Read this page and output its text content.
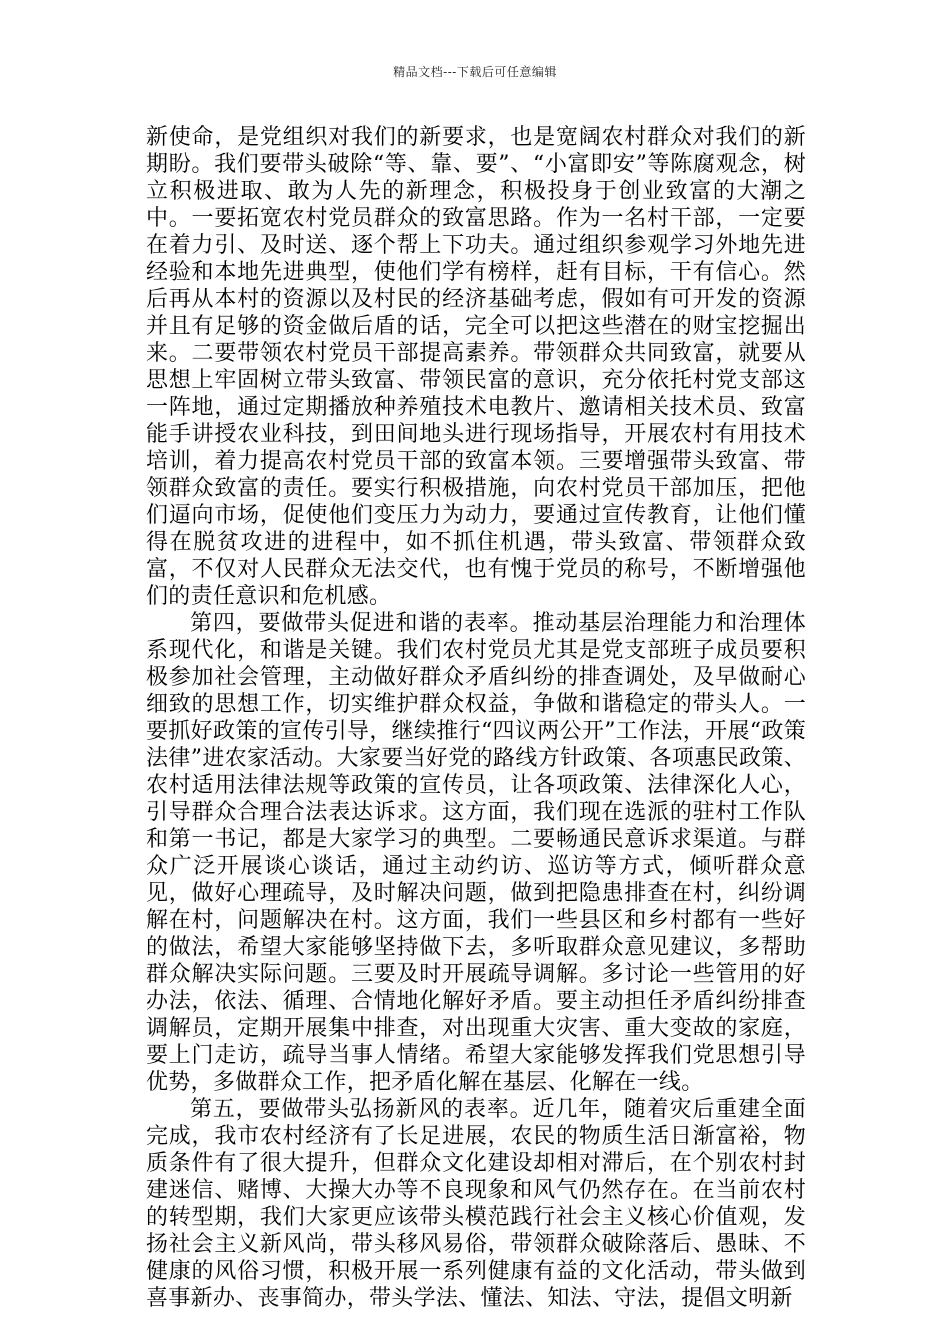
精品文档---下载后可任意编辑

新使命，是党组织对我们的新要求，也是宽阔农村群众对我们的新期盼。我们要带头破除“等、靠、要”、“小富即安”等陈腐观念，树立积极进取、敢为人先的新理念，积极投身于创业致富的大潮之中。一要拓宽农村党员群众的致富思路。作为一名村干部，一定要在着力引、及时送、逐个帮上下功夫。通过组织参观学习外地先进经验和本地先进典型，使他们学有榜样，赶有目标，干有信心。然后再从本村的资源以及村民的经济基础考虑，假如有可开发的资源并且有足够的资金做后盾的话，完全可以把这些潜在的财宝挖掘出来。二要带领农村党员干部提高素养。带领群众共同致富，就要从思想上牢固树立带头致富、带领民富的意识，充分依托村党支部这一阵地，通过定期播放种养殖技术电教片、邀请相关技术员、致富能手讲授农业科技，到田间地头进行现场指导，开展农村有用技术培训，着力提高农村党员干部的致富本领。三要增强带头致富、带领群众致富的责任。要实行积极措施，向农村党员干部加压，把他们逼向市场，促使他们变压力为动力，要通过宣传教育，让他们懂得在脱贫攻进的进程中，如不抓住机遇，带头致富、带领群众致富，不仅对人民群众无法交代，也有愧于党员的称号，不断增强他们的责任意识和危机感。

第四，要做带头促进和谐的表率。推动基层治理能力和治理体系现代化，和谐是关键。我们农村党员尤其是党支部班子成员要积极参加社会管理，主动做好群众矛盾纠纷的排查调处，及早做耐心细致的思想工作，切实维护群众权益，争做和谐稳定的带头人。一要抓好政策的宣传引导，继续推行“四议两公开”工作法，开展“政策法律”进农家活动。大家要当好党的路线方针政策、各项惠民政策、农村适用法律法规等政策的宣传员，让各项政策、法律深化人心，引导群众合理合法表达诉求。这方面，我们现在选派的驻村工作队和第一书记，都是大家学习的典型。二要畅通民意诉求渠道。与群众广泛开展谈心谈话，通过主动约访、巡访等方式，倾听群众意见，做好心理疏导，及时解决问题，做到把隐患排查在村，纠纷调解在村，问题解决在村。这方面，我们一些县区和乡村都有一些好的做法，希望大家能够坚持做下去，多听取群众意见建议，多帮助群众解决实际问题。三要及时开展疏导调解。多讨论一些管用的好办法，依法、循理、合情地化解好矛盾。要主动担任矛盾纠纷排查调解员，定期开展集中排查，对出现重大灾害、重大变故的家庭，要上门走访，疏导当事人情绪。希望大家能够发挥我们党思想引导优势，多做群众工作，把矛盾化解在基层、化解在一线。

第五，要做带头弘扬新风的表率。近几年，随着灾后重建全面完成，我市农村经济有了长足进展，农民的物质生活日渐富裕，物质条件有了很大提升，但群众文化建设却相对滞后，在个别农村封建迷信、赌博、大操大办等不良现象和风气仍然存在。在当前农村的转型期，我们大家更应该带头模范践行社会主义核心价值观，发扬社会主义新风尚，带头移风易俗，带领群众破除落后、愚昧、不健康的风俗习惯，积极开展一系列健康有益的文化活动，带头做到喜事新办、丧事简办，带头学法、懂法、知法、守法，提倡文明新
